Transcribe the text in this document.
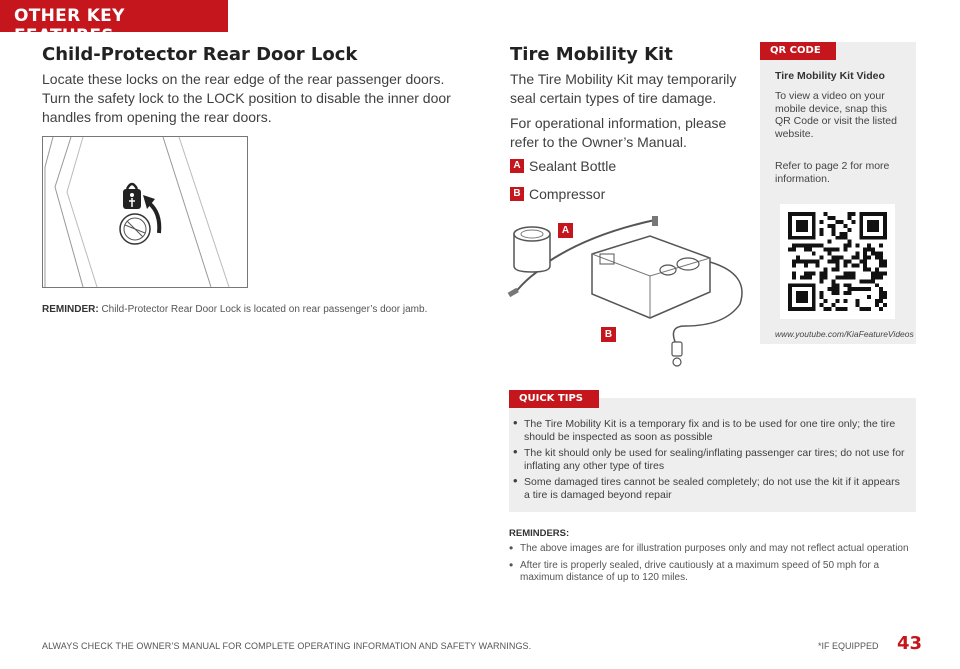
OTHER KEY FEATURES
Child-Protector Rear Door Lock
Locate these locks on the rear edge of the rear passenger doors. Turn the safety lock to the LOCK position to disable the inner door handles from opening the rear doors.
REMINDER: Child-Protector Rear Door Lock is located on rear passenger’s door jamb.
Tire Mobility Kit
The Tire Mobility Kit may temporarily seal certain types of tire damage.
For operational information, please refer to the Owner’s Manual.
A Sealant Bottle
B Compressor
A
B
QR CODE
Tire Mobility Kit Video
To view a video on your mobile device, snap this QR Code or visit the listed website.
Refer to page 2 for more information.
www.youtube.com/KiaFeatureVideos
QUICK TIPS
• The Tire Mobility Kit is a temporary fix and is to be used for one tire only; the tire should be inspected as soon as possible
• The kit should only be used for sealing/inflating passenger car tires; do not use for inflating any other type of tires
• Some damaged tires cannot be sealed completely; do not use the kit if it appears a tire is damaged beyond repair
REMINDERS:
• The above images are for illustration purposes only and may not reflect actual operation
• After tire is properly sealed, drive cautiously at a maximum speed of 50 mph for a maximum distance of up to 120 miles.
ALWAYS CHECK THE OWNER’S MANUAL FOR COMPLETE OPERATING INFORMATION AND SAFETY WARNINGS.	*IF EQUIPPED 43
